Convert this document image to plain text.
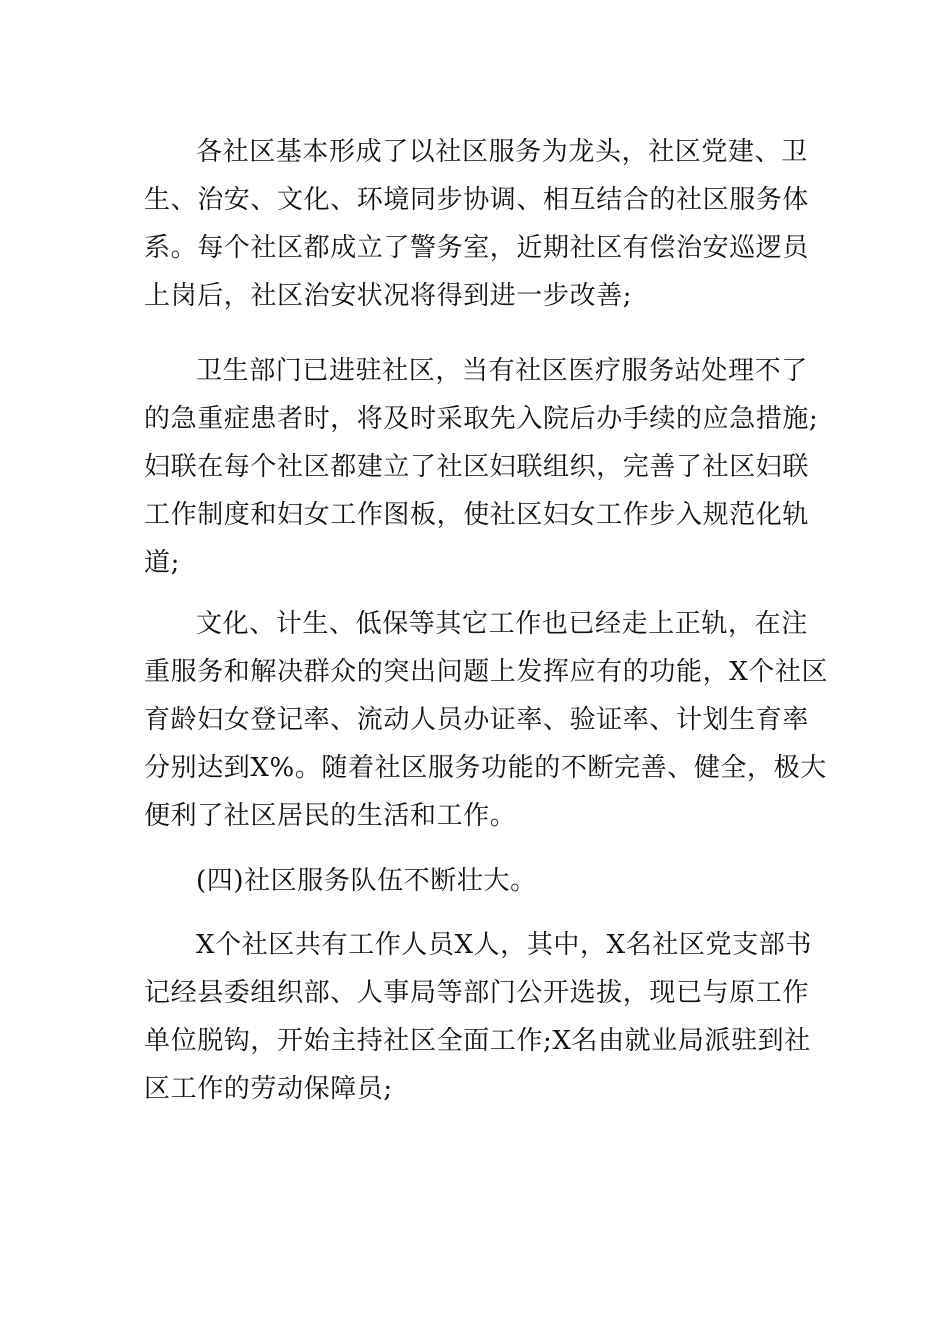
各社区基本形成了以社区服务为龙头，社区党建、卫
生、治安、文化、环境同步协调、相互结合的社区服务体
系。每个社区都成立了警务室，近期社区有偿治安巡逻员
上岗后，社区治安状况将得到进一步改善;

卫生部门已进驻社区，当有社区医疗服务站处理不了
的急重症患者时，将及时采取先入院后办手续的应急措施;
妇联在每个社区都建立了社区妇联组织，完善了社区妇联
工作制度和妇女工作图板，使社区妇女工作步入规范化轨
道;

文化、计生、低保等其它工作也已经走上正轨，在注
重服务和解决群众的突出问题上发挥应有的功能，X个社区
育龄妇女登记率、流动人员办证率、验证率、计划生育率
分别达到X%。随着社区服务功能的不断完善、健全，极大
便利了社区居民的生活和工作。

(四)社区服务队伍不断壮大。

X个社区共有工作人员X人，其中，X名社区党支部书
记经县委组织部、人事局等部门公开选拔，现已与原工作
单位脱钩，开始主持社区全面工作;X名由就业局派驻到社
区工作的劳动保障员;
